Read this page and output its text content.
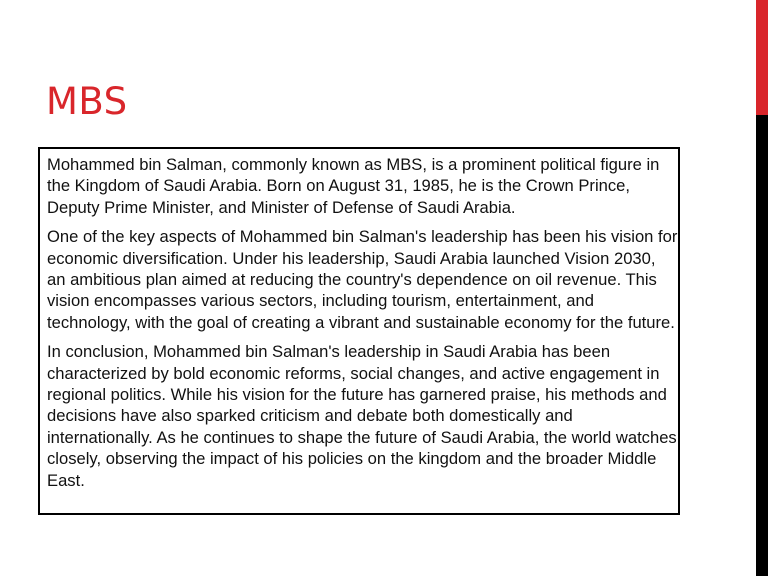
MBS

Mohammed bin Salman, commonly known as MBS, is a prominent political figure in the Kingdom of Saudi Arabia. Born on August 31, 1985, he is the Crown Prince, Deputy Prime Minister, and Minister of Defense of Saudi Arabia.

One of the key aspects of Mohammed bin Salman's leadership has been his vision for economic diversification. Under his leadership, Saudi Arabia launched Vision 2030, an ambitious plan aimed at reducing the country's dependence on oil revenue. This vision encompasses various sectors, including tourism, entertainment, and technology, with the goal of creating a vibrant and sustainable economy for the future.

In conclusion, Mohammed bin Salman's leadership in Saudi Arabia has been characterized by bold economic reforms, social changes, and active engagement in regional politics. While his vision for the future has garnered praise, his methods and decisions have also sparked criticism and debate both domestically and internationally. As he continues to shape the future of Saudi Arabia, the world watches closely, observing the impact of his policies on the kingdom and the broader Middle East.
